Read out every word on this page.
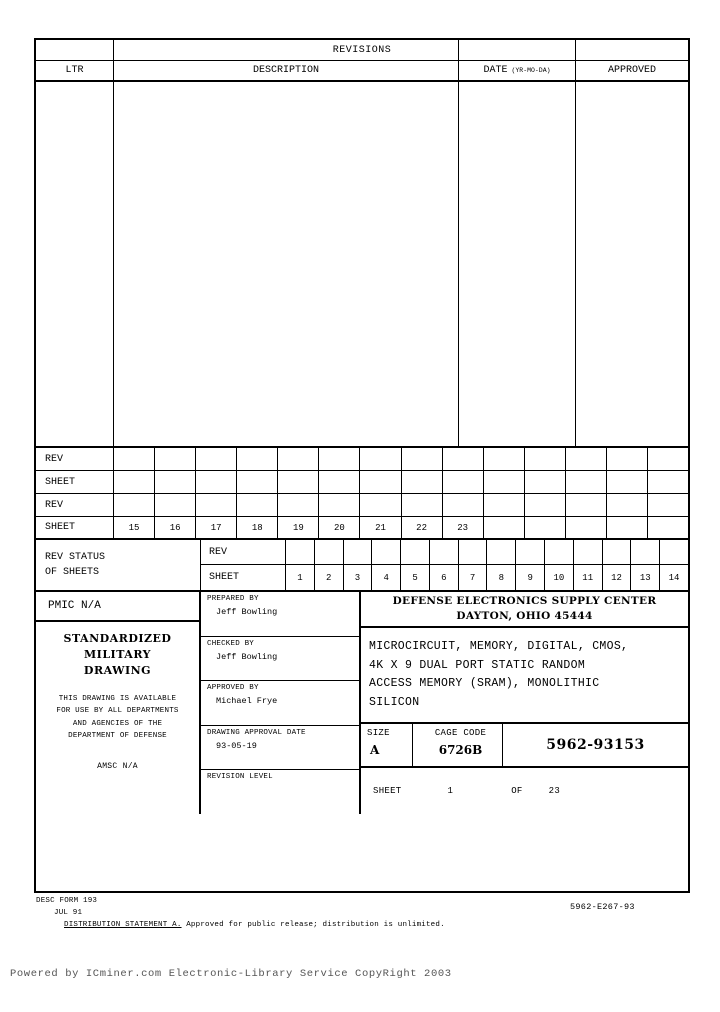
REVISIONS
LTR	DESCRIPTION	DATE (YR-MO-DA)	APPROVED
REV
SHEET
REV
SHEET	15	16	17	18	19	20	21	22	23
REV STATUS
OF SHEETS
REV
SHEET	1	2	3	4	5	6	7	8	9	10	11	12	13	14
PMIC N/A
STANDARDIZED
MILITARY
DRAWING
THIS DRAWING IS AVAILABLE
FOR USE BY ALL DEPARTMENTS
AND AGENCIES OF THE
DEPARTMENT OF DEFENSE
AMSC N/A
PREPARED BY
Jeff Bowling
CHECKED BY
Jeff Bowling
APPROVED BY
Michael Frye
DRAWING APPROVAL DATE
93-05-19
REVISION LEVEL
DEFENSE ELECTRONICS SUPPLY CENTER
DAYTON, OHIO 45444
MICROCIRCUIT, MEMORY, DIGITAL, CMOS,
4K X 9 DUAL PORT STATIC RANDOM
ACCESS MEMORY (SRAM), MONOLITHIC
SILICON
SIZE
A
CAGE CODE
6726B	5962-93153
SHEET	1	OF	23
DESC FORM 193
JUL 91
DISTRIBUTION STATEMENT A. Approved for public release; distribution is unlimited.
5962-E267-93
Powered by ICminer.com Electronic-Library Service CopyRight 2003
